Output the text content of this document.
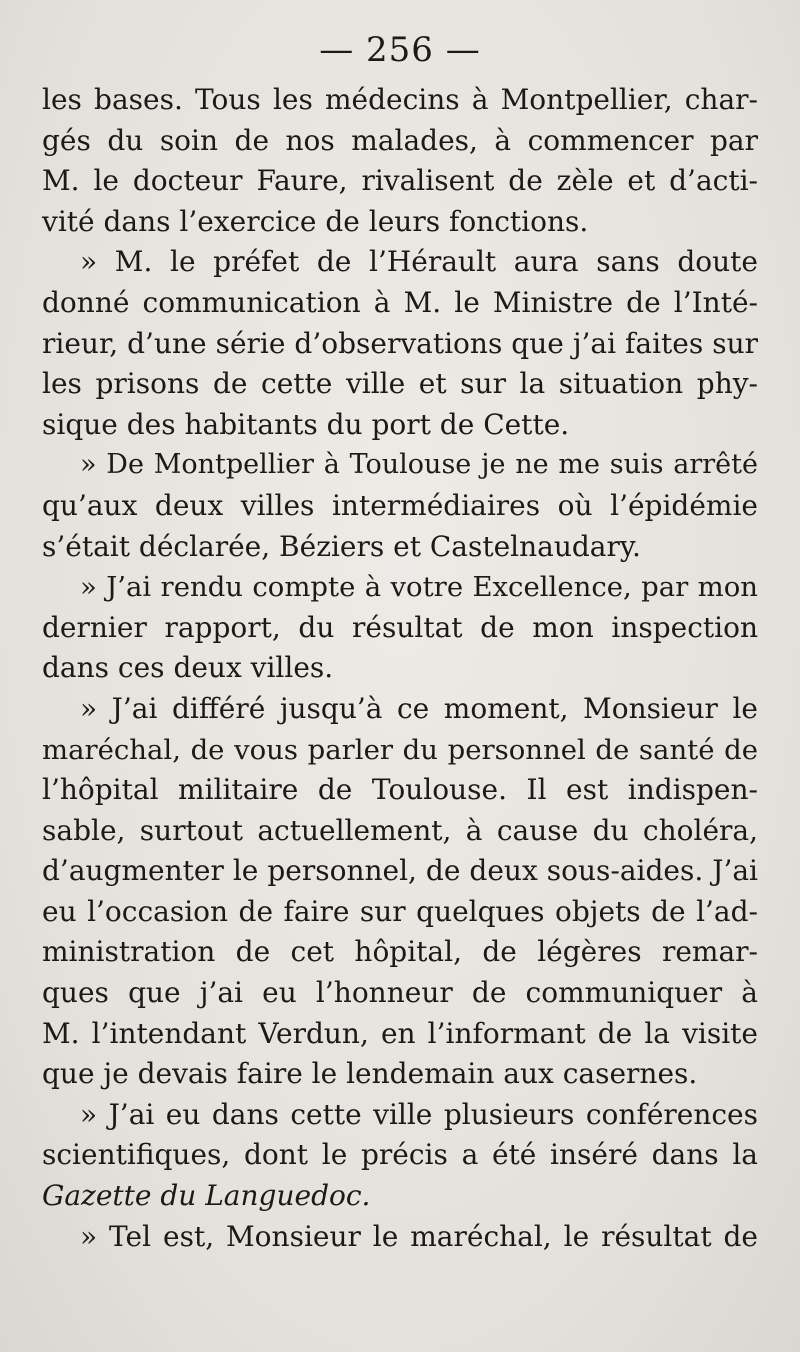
— 256 —
les bases. Tous les médecins à Montpellier, char-
gés du soin de nos malades, à commencer par
M. le docteur Faure, rivalisent de zèle et d’acti-
vité dans l’exercice de leurs fonctions.
» M. le préfet de l’Hérault aura sans doute
donné communication à M. le Ministre de l’Inté-
rieur, d’une série d’observations que j’ai faites sur
les prisons de cette ville et sur la situation phy-
sique des habitants du port de Cette.
» De Montpellier à Toulouse je ne me suis arrêté
qu’aux deux villes intermédiaires où l’épidémie
s’était déclarée, Béziers et Castelnaudary.
» J’ai rendu compte à votre Excellence, par mon
dernier rapport, du résultat de mon inspection
dans ces deux villes.
» J’ai différé jusqu’à ce moment, Monsieur le
maréchal, de vous parler du personnel de santé de
l’hôpital militaire de Toulouse. Il est indispen-
sable, surtout actuellement, à cause du choléra,
d’augmenter le personnel, de deux sous-aides. J’ai
eu l’occasion de faire sur quelques objets de l’ad-
ministration de cet hôpital, de légères remar-
ques que j’ai eu l’honneur de communiquer à
M. l’intendant Verdun, en l’informant de la visite
que je devais faire le lendemain aux casernes.
» J’ai eu dans cette ville plusieurs conférences
scientifiques, dont le précis a été inséré dans la
Gazette du Languedoc.
» Tel est, Monsieur le maréchal, le résultat de
